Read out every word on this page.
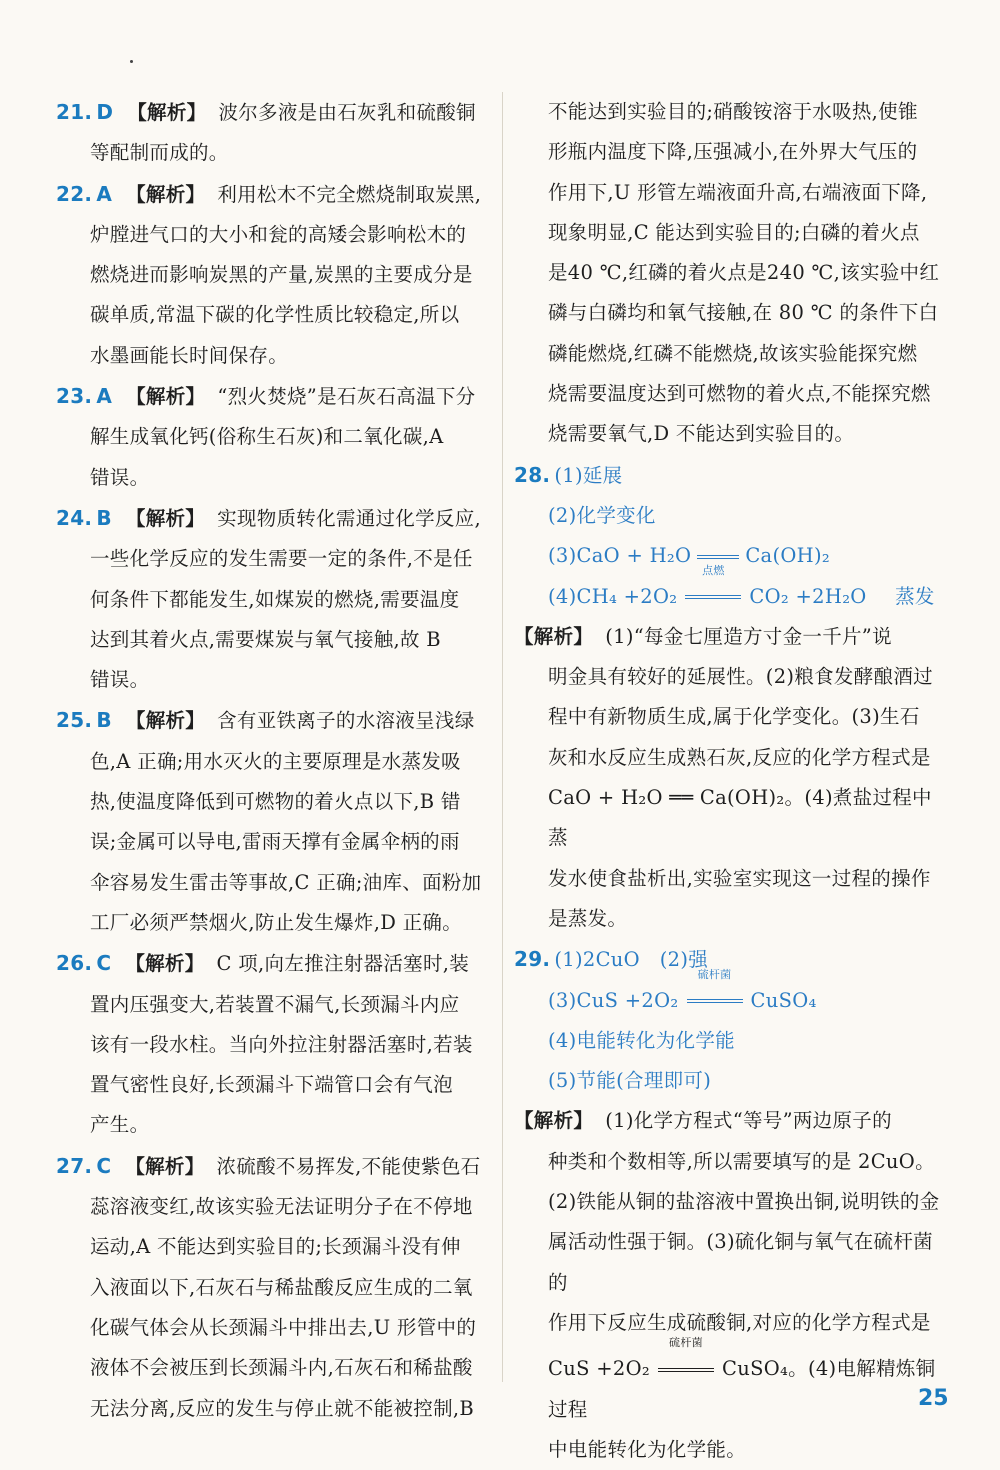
21. D 【解析】 波尔多液是由石灰乳和硫酸铜
等配制而成的。
22. A 【解析】 利用松木不完全燃烧制取炭黑,
炉膛进气口的大小和瓮的高矮会影响松木的
燃烧进而影响炭黑的产量,炭黑的主要成分是
碳单质,常温下碳的化学性质比较稳定,所以
水墨画能长时间保存。
23. A 【解析】 “烈火焚烧”是石灰石高温下分
解生成氧化钙(俗称生石灰)和二氧化碳,A
错误。
24. B 【解析】 实现物质转化需通过化学反应,
一些化学反应的发生需要一定的条件,不是任
何条件下都能发生,如煤炭的燃烧,需要温度
达到其着火点,需要煤炭与氧气接触,故 B
错误。
25. B 【解析】 含有亚铁离子的水溶液呈浅绿
色,A 正确;用水灭火的主要原理是水蒸发吸
热,使温度降低到可燃物的着火点以下,B 错
误;金属可以导电,雷雨天撑有金属伞柄的雨
伞容易发生雷击等事故,C 正确;油库、面粉加
工厂必须严禁烟火,防止发生爆炸,D 正确。
26. C 【解析】 C 项,向左推注射器活塞时,装
置内压强变大,若装置不漏气,长颈漏斗内应
该有一段水柱。当向外拉注射器活塞时,若装
置气密性良好,长颈漏斗下端管口会有气泡
产生。
27. C 【解析】 浓硫酸不易挥发,不能使紫色石
蕊溶液变红,故该实验无法证明分子在不停地
运动,A 不能达到实验目的;长颈漏斗没有伸
入液面以下,石灰石与稀盐酸反应生成的二氧
化碳气体会从长颈漏斗中排出去,U 形管中的
液体不会被压到长颈漏斗内,石灰石和稀盐酸
无法分离,反应的发生与停止就不能被控制,B
不能达到实验目的;硝酸铵溶于水吸热,使锥
形瓶内温度下降,压强减小,在外界大气压的
作用下,U 形管左端液面升高,右端液面下降,
现象明显,C 能达到实验目的;白磷的着火点
是40 ℃,红磷的着火点是240 ℃,该实验中红
磷与白磷均和氧气接触,在 80 ℃ 的条件下白
磷能燃烧,红磷不能燃烧,故该实验能探究燃
烧需要温度达到可燃物的着火点,不能探究燃
烧需要氧气,D 不能达到实验目的。
28. (1)延展
(2)化学变化
(3)CaO + H₂O	Ca(OH)₂
(4)CH₄ +2O₂
点燃
CO₂ +2H₂O 蒸发
【解析】 (1)“每金七厘造方寸金一千片”说
明金具有较好的延展性。(2)粮食发酵酿酒过
程中有新物质生成,属于化学变化。(3)生石
灰和水反应生成熟石灰,反应的化学方程式是
CaO + H₂O ══ Ca(OH)₂。(4)煮盐过程中蒸
发水使食盐析出,实验室实现这一过程的操作
是蒸发。
29. (1)2CuO　(2)强
(3)CuS +2O₂
硫杆菌
CuSO₄
(4)电能转化为化学能
(5)节能(合理即可)
【解析】 (1)化学方程式“等号”两边原子的
种类和个数相等,所以需要填写的是 2CuO。
(2)铁能从铜的盐溶液中置换出铜,说明铁的金
属活动性强于铜。(3)硫化铜与氧气在硫杆菌的
作用下反应生成硫酸铜,对应的化学方程式是
CuS +2O₂
硫杆菌
CuSO₄。(4)电解精炼铜过程
中电能转化为化学能。
25
